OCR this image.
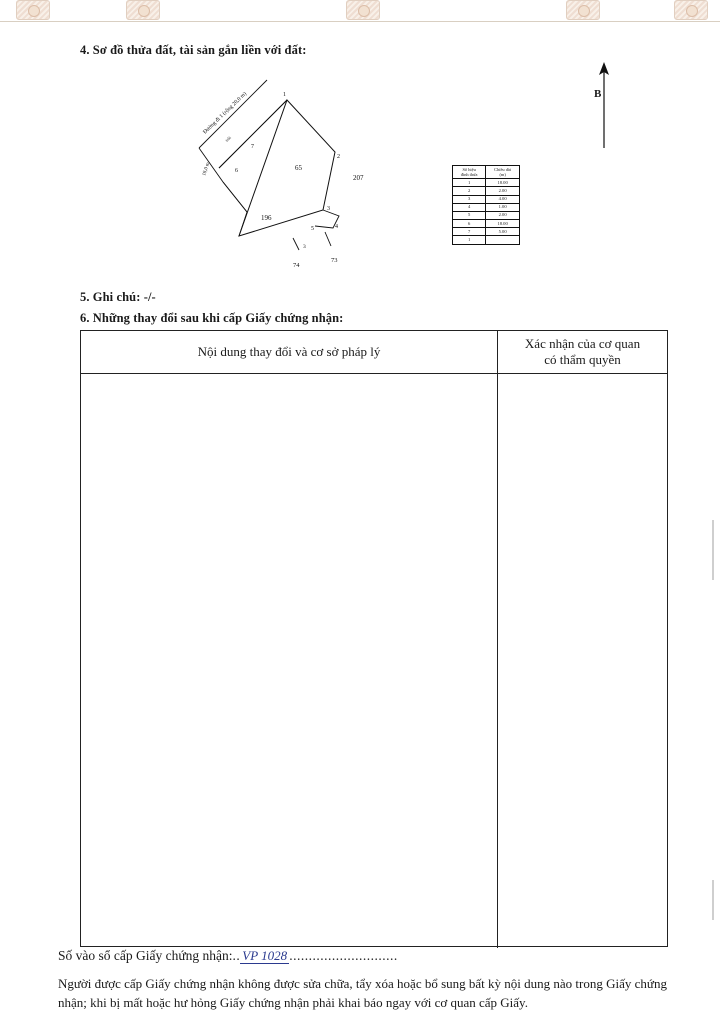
4. Sơ đồ thửa đất, tài sản gắn liền với đất:
Đường đi 1 (rộng 20,0 m)
trải
18,0 m
1
7
6
2
3
4
5
3
65
207
196
74
73
B
Số hiệu
đỉnh thửa	Chiều dài
(m)
1	18.00
2	2.00
3	4.00
4	1.00
5	2.00
6	18.00
7	5.00
1	
5. Ghi chú: -/-
6. Những thay đổi sau khi cấp Giấy chứng nhận:
Nội dung thay đổi và cơ sở pháp lý
Xác nhận của cơ quan
có thẩm quyền
Số vào sổ cấp Giấy chứng nhận:.. VP 1028 ............................
Người được cấp Giấy chứng nhận không được sửa chữa, tẩy xóa hoặc bổ sung bất kỳ nội dung nào trong Giấy chứng nhận; khi bị mất hoặc hư hỏng Giấy chứng nhận phải khai báo ngay với cơ quan cấp Giấy.
